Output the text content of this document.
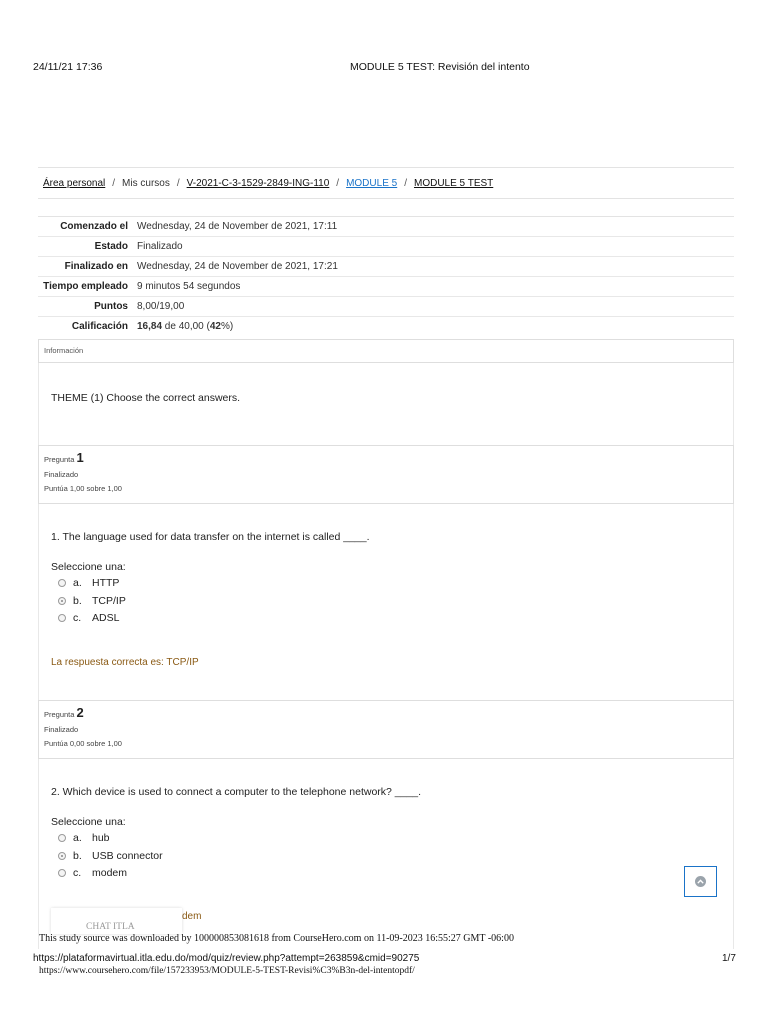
24/11/21 17:36	MODULE 5 TEST: Revisión del intento
Área personal / Mis cursos / V-2021-C-3-1529-2849-ING-110 / MODULE 5 / MODULE 5 TEST
Comenzado el Wednesday, 24 de November de 2021, 17:11
Estado Finalizado
Finalizado en Wednesday, 24 de November de 2021, 17:21
Tiempo empleado 9 minutos 54 segundos
Puntos 8,00/19,00
Calificación 16,84 de 40,00 (42%)
Información
THEME (1) Choose the correct answers.
Pregunta 1
Finalizado
Puntúa 1,00 sobre 1,00
1. The language used for data transfer on the internet is called ____.
Seleccione una:
a. HTTP
b. TCP/IP
c.	ADSL
La respuesta correcta es: TCP/IP
Pregunta 2
Finalizado
Puntúa 0,00 sobre 1,00
2. Which device is used to connect a computer to the telephone network? ____.
Seleccione una:
a. hub
b. USB connector
c.	modem
dem
CHAT ITLA
This study source was downloaded by 100000853081618 from CourseHero.com on 11-09-2023 16:55:27 GMT -06:00
https://plataformavirtual.itla.edu.do/mod/quiz/review.php?attempt=263859&cmid=90275	1/7
https://www.coursehero.com/file/157233953/MODULE-5-TEST-Revisi%C3%B3n-del-intentopdf/
